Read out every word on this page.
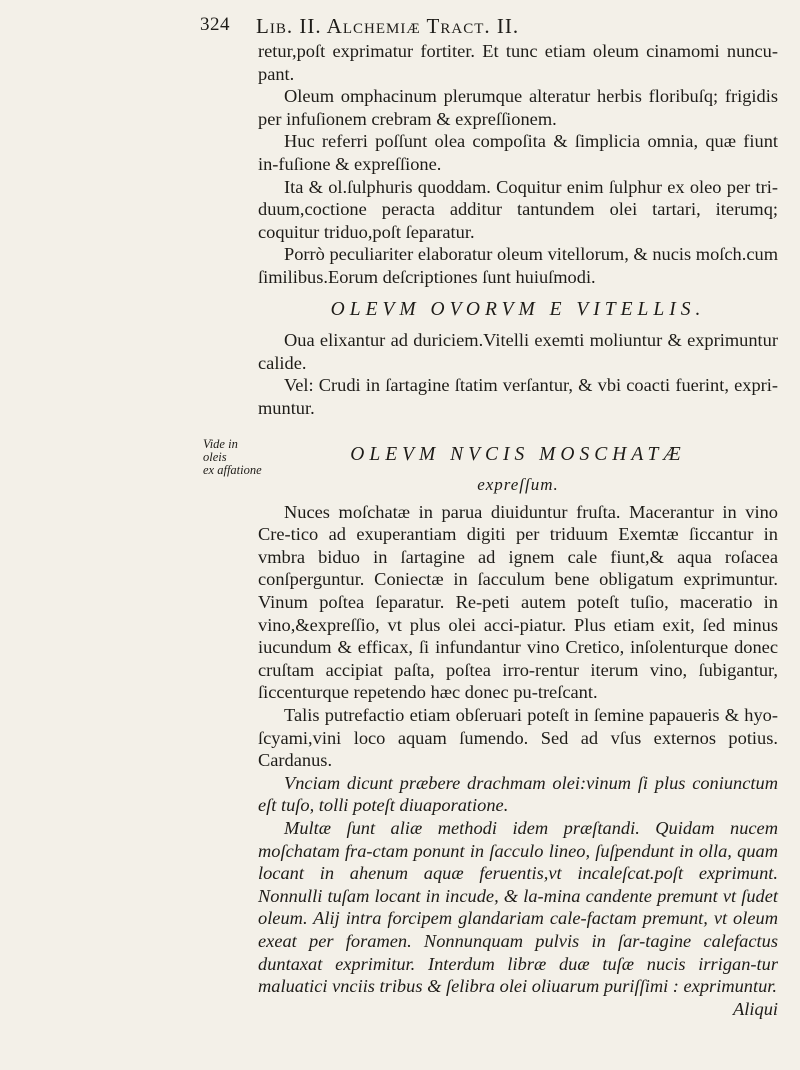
324 Lib. II. Alchemiæ Tract. II.
Vide in oleis
ex affatione

retur,poſt exprimatur fortiter. Et tunc etiam oleum cinamomi nuncu-pant.

Oleum omphacinum plerumque alteratur herbis floribuſq; frigidis per infuſionem crebram & expreſſionem.

Huc referri poſſunt olea compoſita & ſimplicia omnia, quæ fiunt in-fuſione & expreſſione.

Ita & ol.ſulphuris quoddam. Coquitur enim ſulphur ex oleo per tri-duum,coctione peracta additur tantundem olei tartari, iterumq; coquitur triduo,poſt ſeparatur.

Porrò peculiariter elaboratur oleum vitellorum, & nucis moſch.cum ſimilibus.Eorum deſcriptiones ſunt huiuſmodi.

OLEVM OVORVM E VITELLIS.

Oua elixantur ad duriciem.Vitelli exemti moliuntur & exprimuntur calide.

Vel: Crudi in ſartagine ſtatim verſantur, & vbi coacti fuerint, expri-muntur.

OLEVM NVCIS MOSCHATÆ
expreſſum.

Nuces moſchatæ in parua diuiduntur fruſta. Macerantur in vino Cre-tico ad exuperantiam digiti per triduum Exemtæ ſiccantur in vmbra biduo in ſartagine ad ignem cale fiunt,& aqua roſacea conſperguntur. Coniectæ in ſacculum bene obligatum exprimuntur. Vinum poſtea ſeparatur. Re-peti autem poteſt tuſio, maceratio in vino,&expreſſio, vt plus olei acci-piatur. Plus etiam exit, ſed minus iucundum & efficax, ſi infundantur vino Cretico, inſolenturque donec cruſtam accipiat paſta, poſtea irro-rentur iterum vino, ſubigantur, ſiccenturque repetendo hæc donec pu-treſcant.

Talis putrefactio etiam obſeruari poteſt in ſemine papaueris & hyo-ſcyami,vini loco aquam ſumendo. Sed ad vſus externos potius. Cardanus.

Vnciam dicunt præbere drachmam olei:vinum ſi plus coniunctum eſt tuſo, tolli poteſt diuaporatione.

Multæ ſunt aliæ methodi idem præſtandi. Quidam nucem moſchatam fra-ctam ponunt in ſacculo lineo, ſuſpendunt in olla, quam locant in ahenum aquæ feruentis,vt incaleſcat.poſt exprimunt. Nonnulli tuſam locant in incude, & la-mina candente premunt vt ſudet oleum. Alij intra forcipem glandariam cale-factam premunt, vt oleum exeat per foramen. Nonnunquam pulvis in ſar-tagine calefactus duntaxat exprimitur. Interdum libræ duæ tuſæ nucis irrigan-tur maluatici vnciis tribus & ſelibra olei oliuarum puriſſimi : exprimuntur.

Aliqui
